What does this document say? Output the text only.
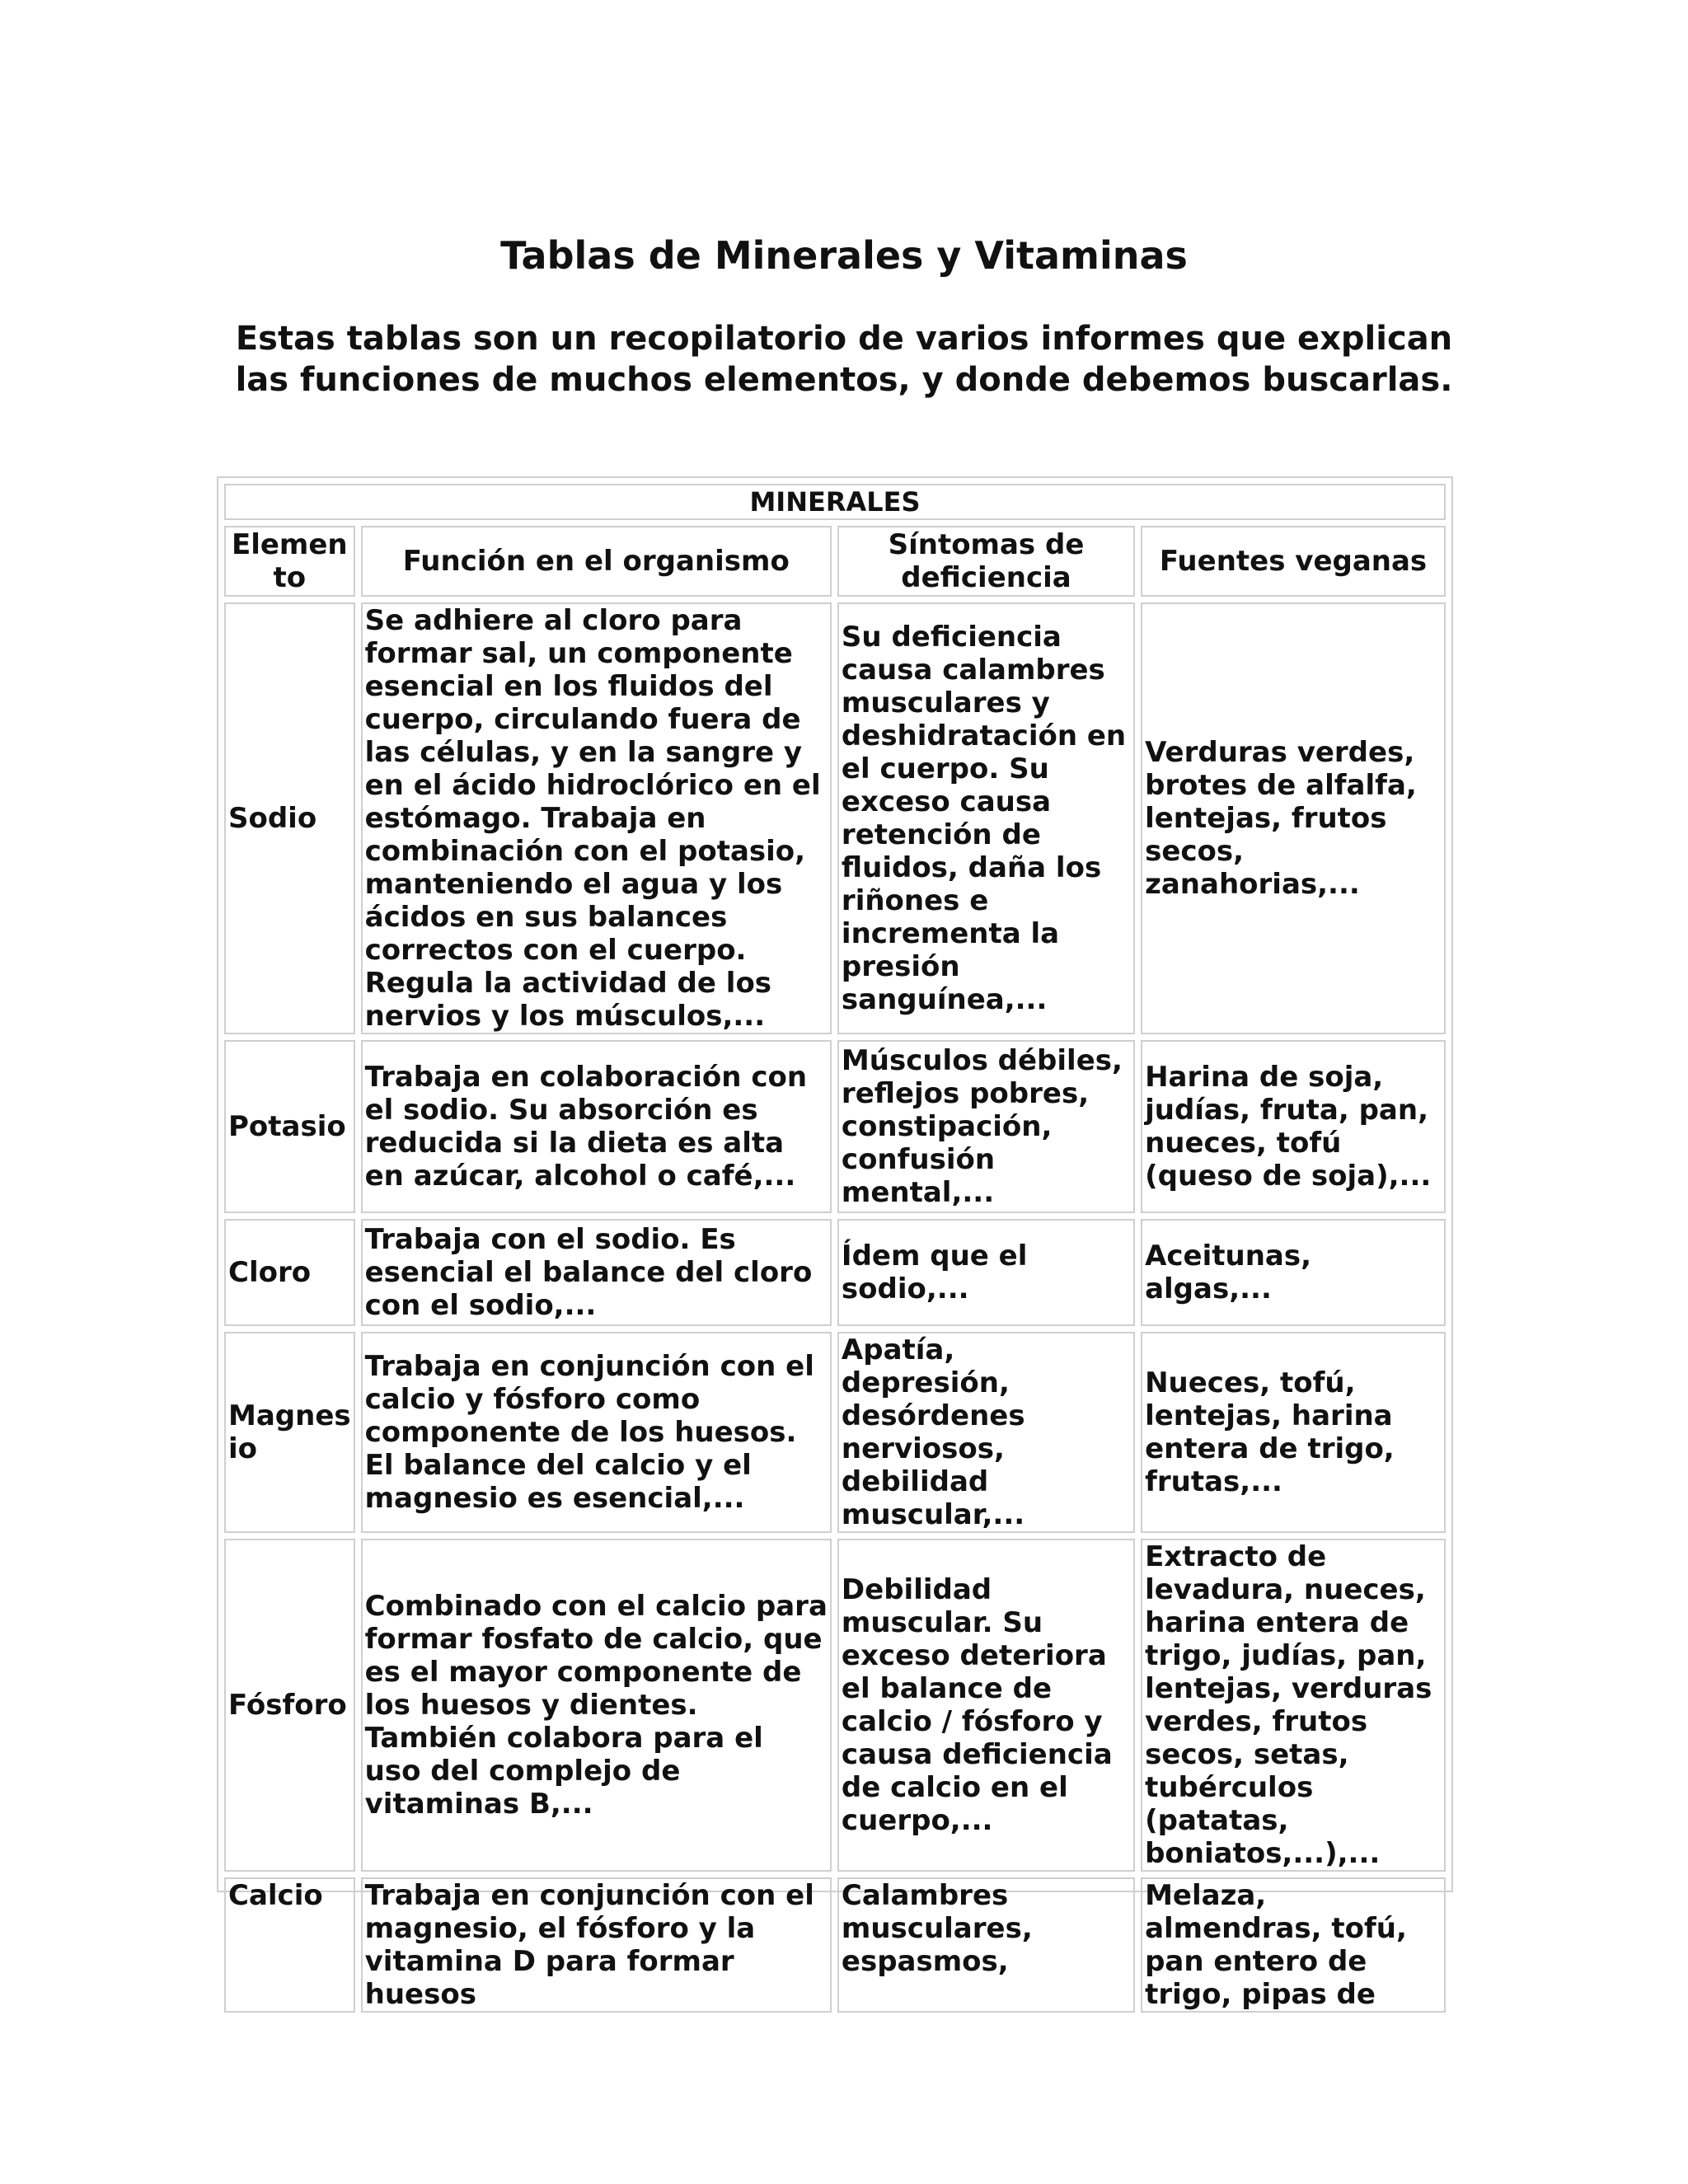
Tablas de Minerales y Vitaminas
Estas tablas son un recopilatorio de varios informes que explican
las funciones de muchos elementos, y donde debemos buscarlas.
MINERALES			
Elemen to	Función en el organismo	Síntomas de deficiencia	Fuentes veganas
Sodio	Se adhiere al cloro para formar sal, un componente esencial en los fluidos del cuerpo, circulando fuera de las células, y en la sangre y en el ácido hidroclórico en el estómago. Trabaja en combinación con el potasio, manteniendo el agua y los ácidos en sus balances correctos con el cuerpo. Regula la actividad de los nervios y los músculos,...	Su deficiencia causa calambres musculares y deshidratación en el cuerpo. Su exceso causa retención de fluidos, daña los riñones e incrementa la presión sanguínea,...	Verduras verdes, brotes de alfalfa, lentejas, frutos secos, zanahorias,...
Potasio	Trabaja en colaboración con el sodio. Su absorción es reducida si la dieta es alta en azúcar, alcohol o café,...	Músculos débiles, reflejos pobres, constipación, confusión mental,...	Harina de soja, judías, fruta, pan, nueces, tofú (queso de soja),...
Cloro	Trabaja con el sodio. Es esencial el balance del cloro con el sodio,...	Ídem que el sodio,...	Aceitunas, algas,...
Magnes io	Trabaja en conjunción con el calcio y fósforo como componente de los huesos. El balance del calcio y el magnesio es esencial,...	Apatía, depresión, desórdenes nerviosos, debilidad muscular,...	Nueces, tofú, lentejas, harina entera de trigo, frutas,...
Fósforo	Combinado con el calcio para formar fosfato de calcio, que es el mayor componente de los huesos y dientes. También colabora para el uso del complejo de vitaminas B,...	Debilidad muscular. Su exceso deteriora el balance de calcio / fósforo y causa deficiencia de calcio en el cuerpo,...	Extracto de levadura, nueces, harina entera de trigo, judías, pan, lentejas, verduras verdes, frutos secos, setas, tubérculos (patatas, boniatos,...),...
Calcio	Trabaja en conjunción con el magnesio, el fósforo y la vitamina D para formar huesos	Calambres musculares, espasmos,	Melaza, almendras, tofú, pan entero de trigo, pipas de
